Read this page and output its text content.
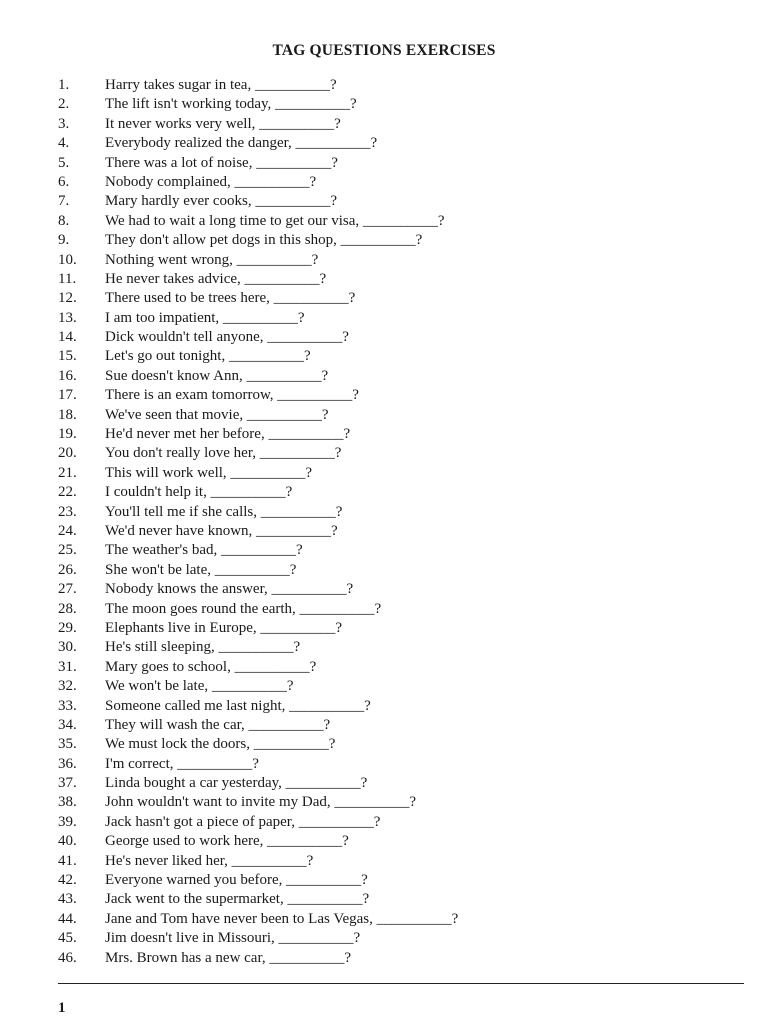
TAG QUESTIONS EXERCISES
1. Harry takes sugar in tea, __________?
2. The lift isn't working today, __________?
3. It never works very well, __________?
4. Everybody realized the danger, __________?
5. There was a lot of noise, __________?
6. Nobody complained, __________?
7. Mary hardly ever cooks, __________?
8. We had to wait a long time to get our visa, __________?
9. They don't allow pet dogs in this shop, __________?
10. Nothing went wrong, __________?
11. He never takes advice, __________?
12. There used to be trees here, __________?
13. I am too impatient, __________?
14. Dick wouldn't tell anyone, __________?
15. Let's go out tonight, __________?
16. Sue doesn't know Ann, __________?
17. There is an exam tomorrow, __________?
18. We've seen that movie, __________?
19. He'd never met her before, __________?
20. You don't really love her, __________?
21. This will work well, __________?
22. I couldn't help it, __________?
23. You'll tell me if she calls, __________?
24. We'd never have known, __________?
25. The weather's bad, __________?
26. She won't be late, __________?
27. Nobody knows the answer, __________?
28. The moon goes round the earth, __________?
29. Elephants live in Europe, __________?
30. He's still sleeping, __________?
31. Mary goes to school, __________?
32. We won't be late, __________?
33. Someone called me last night, __________?
34. They will wash the car, __________?
35. We must lock the doors, __________?
36. I'm correct, __________?
37. Linda bought a car yesterday, __________?
38. John wouldn't want to invite my Dad, __________?
39. Jack hasn't got a piece of paper, __________?
40. George used to work here, __________?
41. He's never liked her, __________?
42. Everyone warned you before, __________?
43. Jack went to the supermarket, __________?
44. Jane and Tom have never been to Las Vegas, __________?
45. Jim doesn't live in Missouri, __________?
46. Mrs. Brown has a new car, __________?
1
